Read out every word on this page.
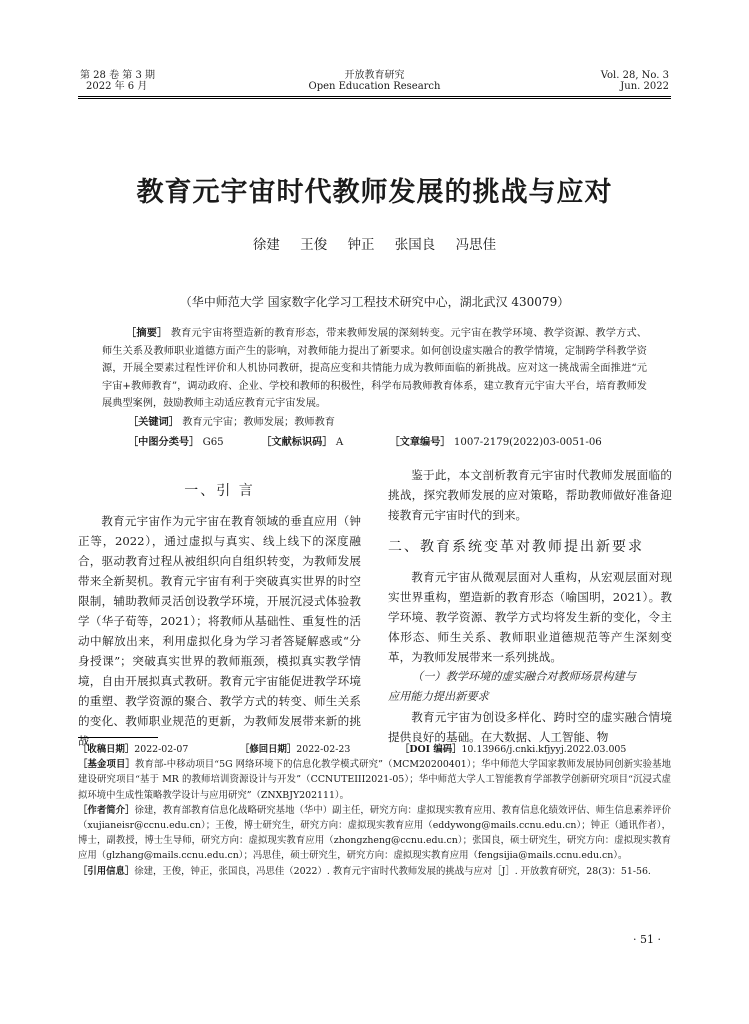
第 28 卷 第 3 期
2022 年 6 月
开放教育研究
Open Education Research
Vol. 28, No. 3
Jun. 2022
教育元宇宙时代教师发展的挑战与应对
徐建 王俊 钟正 张国良 冯思佳
（华中师范大学 国家数字化学习工程技术研究中心，湖北武汉 430079）
［摘要］ 教育元宇宙将塑造新的教育形态，带来教师发展的深刻转变。元宇宙在教学环境、教学资源、教学方式、师生关系及教师职业道德方面产生的影响，对教师能力提出了新要求。如何创设虚实融合的教学情境，定制跨学科教学资源，开展全要素过程性评价和人机协同教研，提高应变和共情能力成为教师面临的新挑战。应对这一挑战需全面推进“元宇宙+教师教育”，调动政府、企业、学校和教师的积极性，科学布局教师教育体系，建立教育元宇宙大平台，培育教师发展典型案例，鼓励教师主动适应教育元宇宙发展。
［关键词］ 教育元宇宙；教师发展；教师教育
［中图分类号］ G65	［文献标识码］ A	［文章编号］ 1007-2179(2022)03-0051-06
一、引 言

教育元宇宙作为元宇宙在教育领域的垂直应用（钟正等，2022），通过虚拟与真实、线上线下的深度融合，驱动教育过程从被组织向自组织转变，为教师发展带来全新契机。教育元宇宙有利于突破真实世界的时空限制，辅助教师灵活创设教学环境，开展沉浸式体验教学（华子荀等，2021）；将教师从基础性、重复性的活动中解放出来，利用虚拟化身为学习者答疑解惑或“分身授课”；突破真实世界的教师瓶颈，模拟真实教学情境，自由开展拟真式教研。教育元宇宙能促进教学环境的重塑、教学资源的聚合、教学方式的转变、师生关系的变化、教师职业规范的更新，为教师发展带来新的挑战。

鉴于此，本文剖析教育元宇宙时代教师发展面临的挑战，探究教师发展的应对策略，帮助教师做好准备迎接教育元宇宙时代的到来。

二、教育系统变革对教师提出新要求

教育元宇宙从微观层面对人重构，从宏观层面对现实世界重构，塑造新的教育形态（喻国明，2021）。教学环境、教学资源、教学方式均将发生新的变化，令主体形态、师生关系、教师职业道德规范等产生深刻变革，为教师发展带来一系列挑战。

（一）教学环境的虚实融合对教师场景构建与
应用能力提出新要求

教育元宇宙为创设多样化、跨时空的虚实融合情境提供良好的基础。在大数据、人工智能、物

［收稿日期］2022-02-07	［修回日期］2022-02-23	［DOI 编码］10.13966/j.cnki.kfjyyj.2022.03.005
［基金项目］教育部-中移动项目“5G 网络环境下的信息化教学模式研究”（MCM20200401）；华中师范大学国家教师发展协同创新实验基地建设研究项目“基于 MR 的教师培训资源设计与开发”（CCNUTEIII2021-05）；华中师范大学人工智能教育学部教学创新研究项目“沉浸式虚拟环境中生成性策略教学设计与应用研究”（ZNXBJY202111）。
［作者简介］徐建，教育部教育信息化战略研究基地（华中）副主任，研究方向：虚拟现实教育应用、教育信息化绩效评估、师生信息素养评价（xujianeisr@ccnu.edu.cn）；王俊，博士研究生，研究方向：虚拟现实教育应用（eddywong@mails.ccnu.edu.cn）；钟正（通讯作者），博士，副教授，博士生导师，研究方向：虚拟现实教育应用（zhongzheng@ccnu.edu.cn）；张国良，硕士研究生，研究方向：虚拟现实教育应用（glzhang@mails.ccnu.edu.cn）；冯思佳，硕士研究生，研究方向：虚拟现实教育应用（fengsijia@mails.ccnu.edu.cn）。
［引用信息］徐建，王俊，钟正，张国良，冯思佳（2022）. 教育元宇宙时代教师发展的挑战与应对［J］. 开放教育研究，28(3)：51-56.
· 51 ·
